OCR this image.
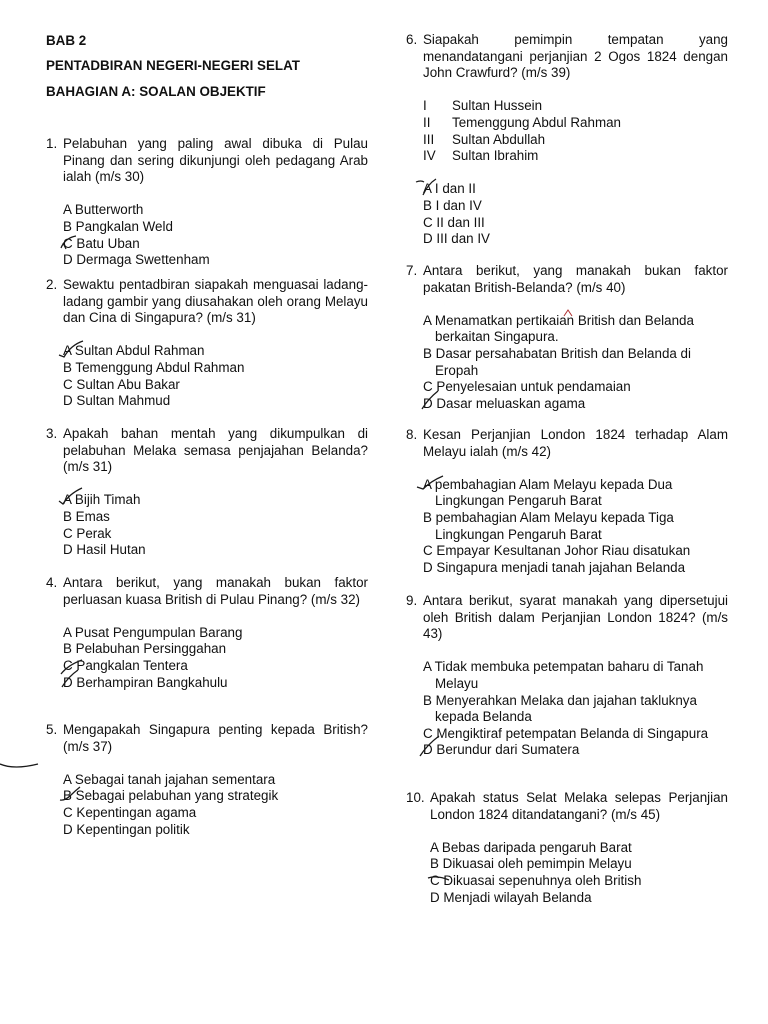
BAB 2
PENTADBIRAN NEGERI-NEGERI SELAT
BAHAGIAN A: SOALAN OBJEKTIF
1. Pelabuhan yang paling awal dibuka di Pulau Pinang dan sering dikunjungi oleh pedagang Arab ialah (m/s 30)
A Butterworth
B Pangkalan Weld
C Batu Uban
D Dermaga Swettenham
2. Sewaktu pentadbiran siapakah menguasai ladang-ladang gambir yang diusahakan oleh orang Melayu dan Cina di Singapura? (m/s 31)
A Sultan Abdul Rahman
B Temenggung Abdul Rahman
C Sultan Abu Bakar
D Sultan Mahmud
3. Apakah bahan mentah yang dikumpulkan di pelabuhan Melaka semasa penjajahan Belanda? (m/s 31)
A Bijih Timah
B Emas
C Perak
D Hasil Hutan
4. Antara berikut, yang manakah bukan faktor perluasan kuasa British di Pulau Pinang? (m/s 32)
A Pusat Pengumpulan Barang
B Pelabuhan Persinggahan
C Pangkalan Tentera
D Berhampiran Bangkahulu
5. Mengapakah Singapura penting kepada British? (m/s 37)
A Sebagai tanah jajahan sementara
B Sebagai pelabuhan yang strategik
C Kepentingan agama
D Kepentingan politik
6. Siapakah pemimpin tempatan yang menandatangani perjanjian 2 Ogos 1824 dengan John Crawfurd? (m/s 39)
I Sultan Hussein
II Temenggung Abdul Rahman
III Sultan Abdullah
IV Sultan Ibrahim
A I dan II
B I dan IV
C II dan III
D III dan IV
7. Antara berikut, yang manakah bukan faktor pakatan British-Belanda? (m/s 40)
A Menamatkan pertikaian British dan Belanda berkaitan Singapura.
B Dasar persahabatan British dan Belanda di Eropah
C Penyelesaian untuk pendamaian
D Dasar meluaskan agama
8. Kesan Perjanjian London 1824 terhadap Alam Melayu ialah (m/s 42)
A pembahagian Alam Melayu kepada Dua Lingkungan Pengaruh Barat
B pembahagian Alam Melayu kepada Tiga Lingkungan Pengaruh Barat
C Empayar Kesultanan Johor Riau disatukan
D Singapura menjadi tanah jajahan Belanda
9. Antara berikut, syarat manakah yang dipersetujui oleh British dalam Perjanjian London 1824? (m/s 43)
A Tidak membuka petempatan baharu di Tanah Melayu
B Menyerahkan Melaka dan jajahan takluknya kepada Belanda
C Mengiktiraf petempatan Belanda di Singapura
D Berundur dari Sumatera
10. Apakah status Selat Melaka selepas Perjanjian London 1824 ditandatangani? (m/s 45)
A Bebas daripada pengaruh Barat
B Dikuasai oleh pemimpin Melayu
C Dikuasai sepenuhnya oleh British
D Menjadi wilayah Belanda
